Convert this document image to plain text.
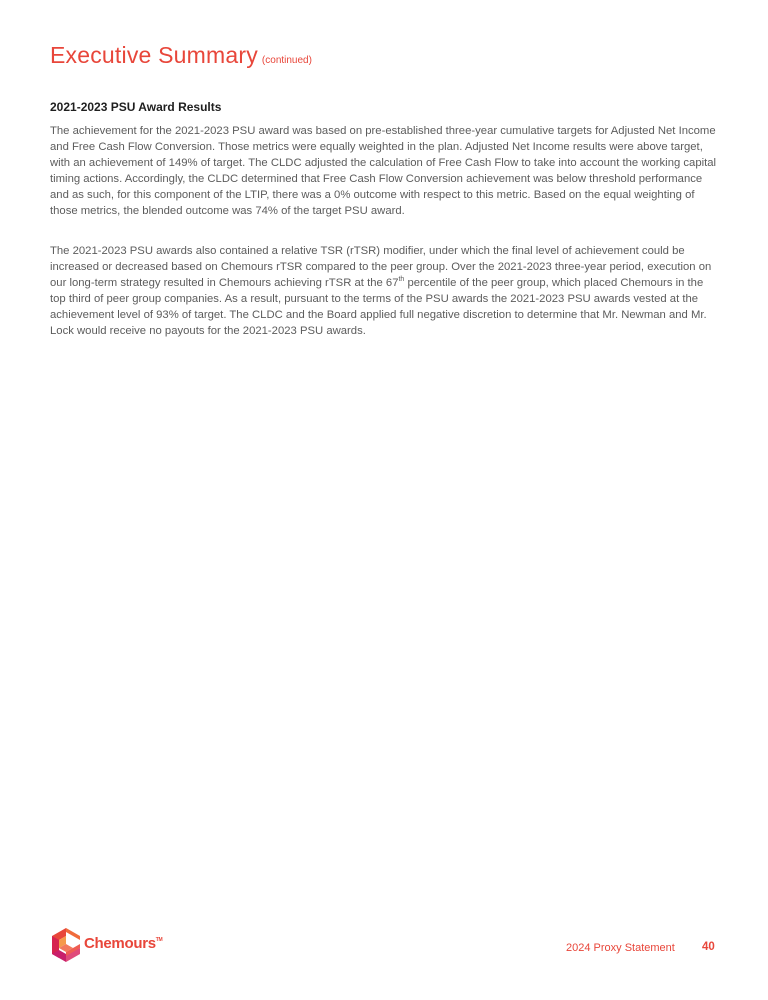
Executive Summary (continued)
2021-2023 PSU Award Results

The achievement for the 2021-2023 PSU award was based on pre-established three-year cumulative targets for Adjusted Net Income and Free Cash Flow Conversion. Those metrics were equally weighted in the plan. Adjusted Net Income results were above target, with an achievement of 149% of target. The CLDC adjusted the calculation of Free Cash Flow to take into account the working capital timing actions. Accordingly, the CLDC determined that Free Cash Flow Conversion achievement was below threshold performance and as such, for this component of the LTIP, there was a 0% outcome with respect to this metric. Based on the equal weighting of those metrics, the blended outcome was 74% of the target PSU award.

The 2021-2023 PSU awards also contained a relative TSR (rTSR) modifier, under which the final level of achievement could be increased or decreased based on Chemours rTSR compared to the peer group. Over the 2021-2023 three-year period, execution on our long-term strategy resulted in Chemours achieving rTSR at the 67th percentile of the peer group, which placed Chemours in the top third of peer group companies. As a result, pursuant to the terms of the PSU awards the 2021-2023 PSU awards vested at the achievement level of 93% of target. The CLDC and the Board applied full negative discretion to determine that Mr. Newman and Mr. Lock would receive no payouts for the 2021-2023 PSU awards.

Chemours™
2024 Proxy Statement 40
